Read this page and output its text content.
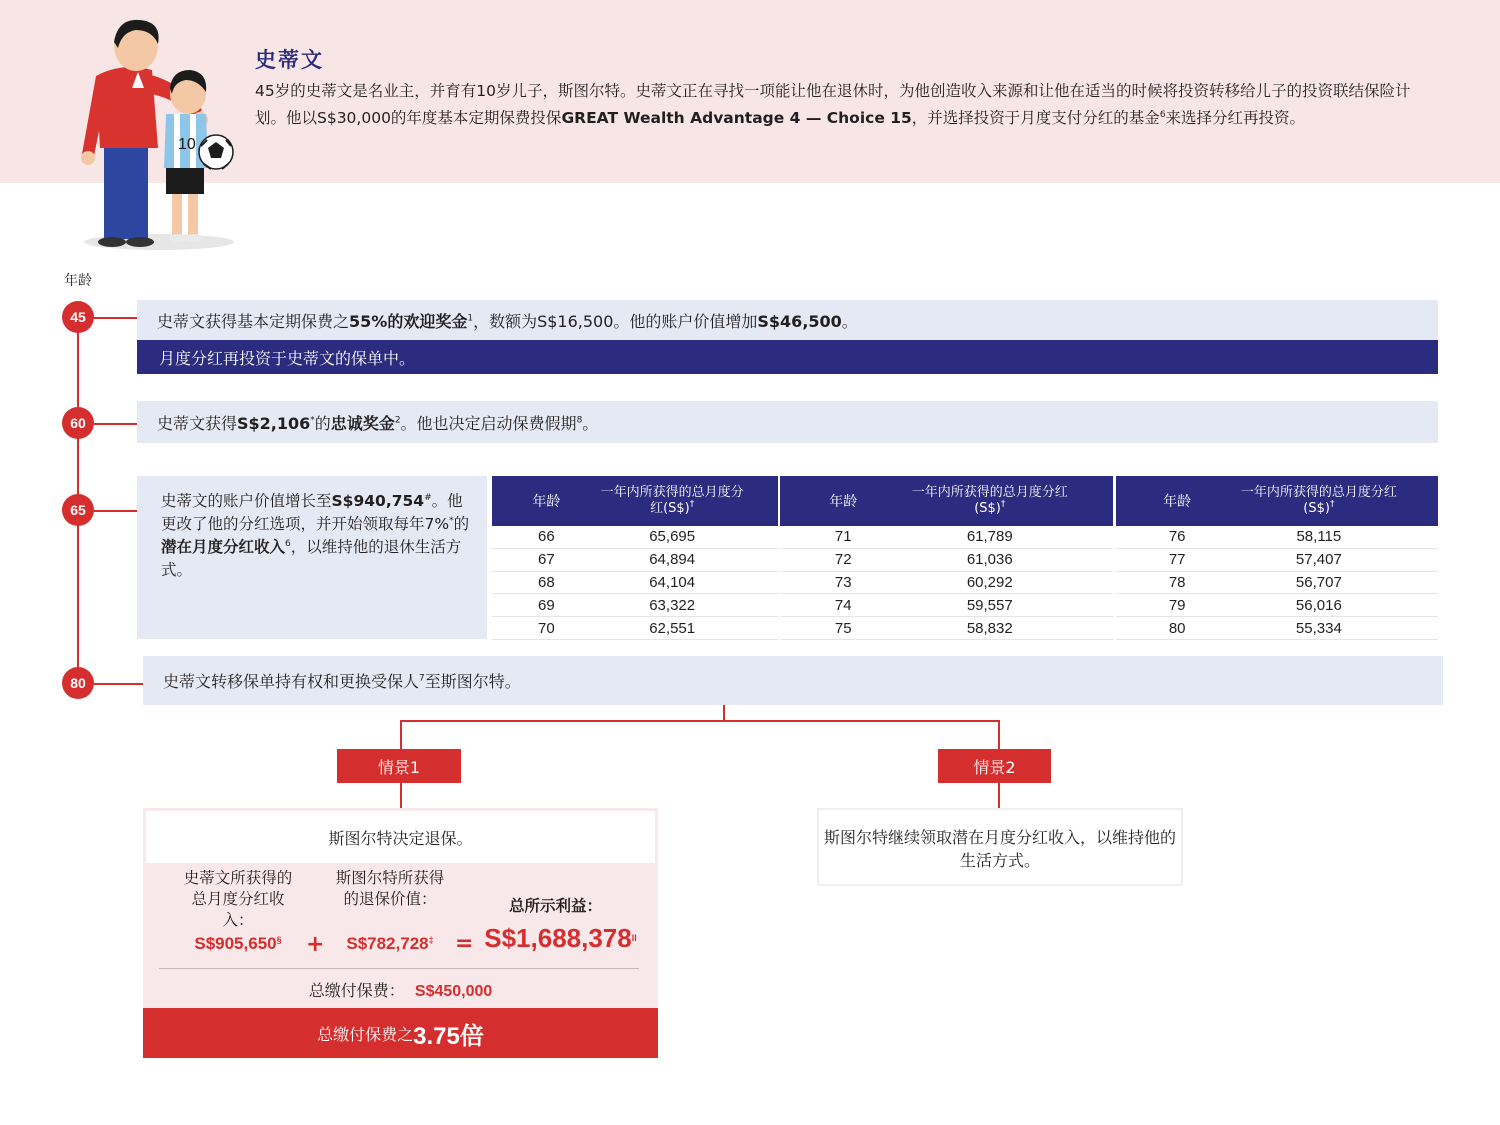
10
史蒂文
45岁的史蒂文是名业主，并育有10岁儿子，斯图尔特。史蒂文正在寻找一项能让他在退休时，为他创造收入来源和让他在适当的时候将投资转移给儿子的投资联结保险计划。他以S$30,000的年度基本定期保费投保GREAT Wealth Advantage 4 — Choice 15，并选择投资于月度支付分红的基金$^6$来选择分红再投资。
年龄
45
60
65
80
史蒂文获得基本定期保费之55%的欢迎奖金$^1$，数额为S$16,500。他的账户价值增加S$46,500。
月度分红再投资于史蒂文的保单中。
史蒂文获得S$2,106*的忠诚奖金$^2$。他也决定启动保费假期$^8$。
史蒂文的账户价值增长至S$940,754#。他更改了他的分红选项，并开始领取每年7%*的潜在月度分红收入$^6$，以维持他的退休生活方式。
年龄
一年内所获得的总月度分红(S$)†
66	65,695
67	64,894
68	64,104
69	63,322
70	62,551
年龄
一年内所获得的总月度分红(S$)†
71	61,789
72	61,036
73	60,292
74	59,557
75	58,832
年龄
一年内所获得的总月度分红(S$)†
76	58,115
77	57,407
78	56,707
79	56,016
80	55,334
史蒂文转移保单持有权和更换受保人$^7$至斯图尔特。
情景1	情景2
斯图尔特决定退保。
史蒂文所获得的总月度分红收入：
S$905,650§	+
斯图尔特所获得的退保价值：
S$782,728‡ =
总所示利益：
$S\$1,688,378^{ll}$
总缴付保费： S$450,000
总缴付保费之 3.75倍
斯图尔特继续领取潜在月度分红收入，以维持他的生活方式。
